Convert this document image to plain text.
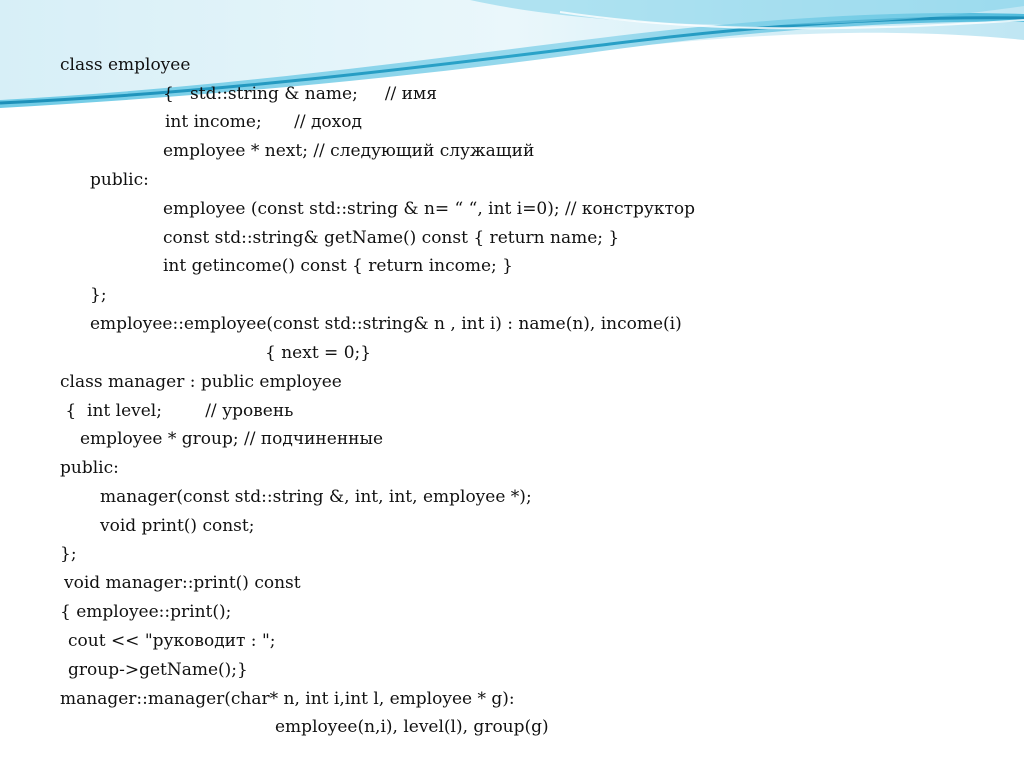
class employee
{   std::string & name;     // имя
int income;      // доход
employee * next; // следующий служащий
public:
employee (const std::string & n= “ “, int i=0); // конструктор
const std::string& getName() const { return name; }
int getincome() const { return income; }
};
employee::employee(const std::string& n , int i) : name(n), income(i)
{ next = 0;}
class manager : public employee
{  int level;        // уровень
employee * group; // подчиненные
public:
manager(const std::string &, int, int, employee *);
void print() const;
};
void manager::print() const
{ employee::print();
cout << "руководит : ";
group->getName();}
manager::manager(char* n, int i,int l, employee * g):
employee(n,i), level(l), group(g)
